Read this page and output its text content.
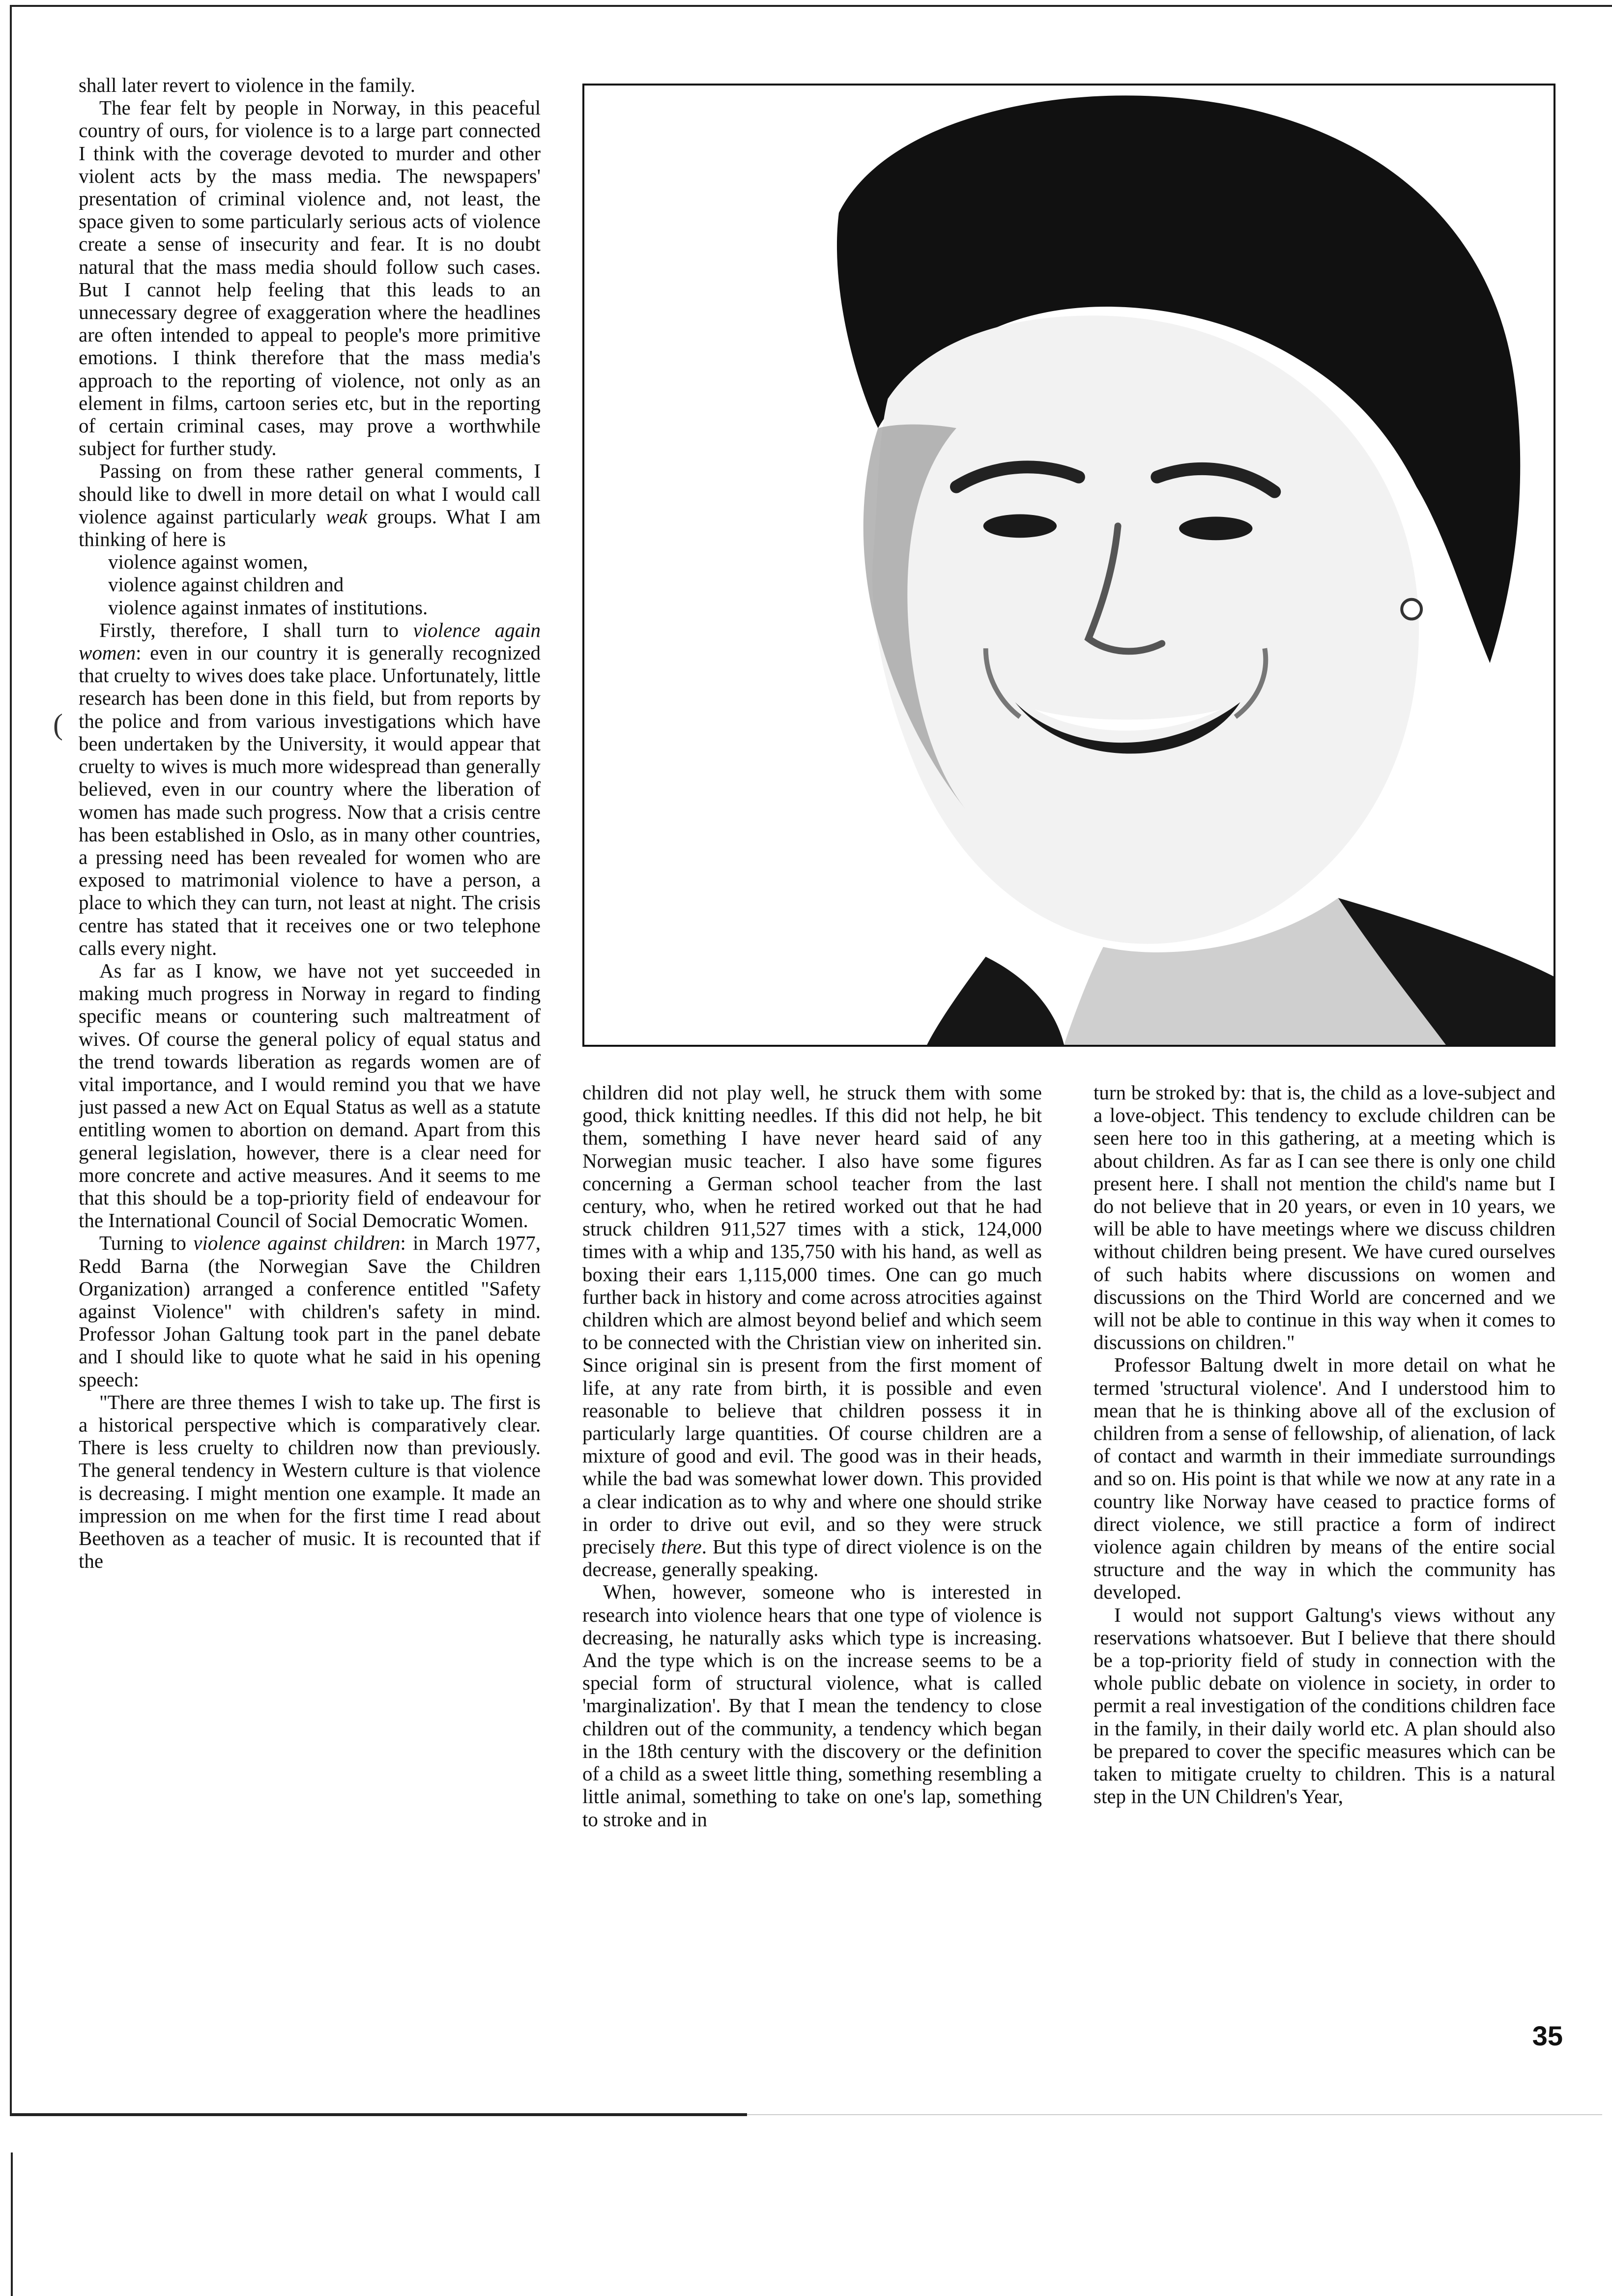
(

shall later revert to violence in the family.

The fear felt by people in Norway, in this peaceful country of ours, for violence is to a large part connected I think with the coverage devoted to murder and other violent acts by the mass media. The newspapers' presentation of criminal violence and, not least, the space given to some particularly serious acts of violence create a sense of insecurity and fear. It is no doubt natural that the mass media should follow such cases. But I cannot help feeling that this leads to an unnecessary degree of exaggeration where the headlines are often intended to appeal to people's more primitive emotions. I think therefore that the mass media's approach to the reporting of violence, not only as an element in films, cartoon series etc, but in the reporting of certain criminal cases, may prove a worthwhile subject for further study.

Passing on from these rather general comments, I should like to dwell in more detail on what I would call violence against particularly weak groups. What I am thinking of here is

violence against women,

violence against children and

violence against inmates of institutions.

Firstly, therefore, I shall turn to violence again women: even in our country it is generally recognized that cruelty to wives does take place. Unfortunately, little research has been done in this field, but from reports by the police and from various investigations which have been undertaken by the University, it would appear that cruelty to wives is much more widespread than generally believed, even in our country where the liberation of women has made such progress. Now that a crisis centre has been established in Oslo, as in many other countries, a pressing need has been revealed for women who are exposed to matrimonial violence to have a person, a place to which they can turn, not least at night. The crisis centre has stated that it receives one or two telephone calls every night.

As far as I know, we have not yet succeeded in making much progress in Norway in regard to finding specific means or countering such maltreatment of wives. Of course the general policy of equal status and the trend towards liberation as regards women are of vital importance, and I would remind you that we have just passed a new Act on Equal Status as well as a statute entitling women to abortion on demand. Apart from this general legislation, however, there is a clear need for more concrete and active measures. And it seems to me that this should be a top-priority field of endeavour for the International Council of Social Democratic Women.

Turning to violence against children: in March 1977, Redd Barna (the Norwegian Save the Children Organization) arranged a conference entitled "Safety against Violence" with children's safety in mind. Professor Johan Galtung took part in the panel debate and I should like to quote what he said in his opening speech:

"There are three themes I wish to take up. The first is a historical perspective which is comparatively clear. There is less cruelty to children now than previously. The general tendency in Western culture is that violence is decreasing. I might mention one example. It made an impression on me when for the first time I read about Beethoven as a teacher of music. It is recounted that if the

children did not play well, he struck them with some good, thick knitting needles. If this did not help, he bit them, something I have never heard said of any Norwegian music teacher. I also have some figures concerning a German school teacher from the last century, who, when he retired worked out that he had struck children 911,527 times with a stick, 124,000 times with a whip and 135,750 with his hand, as well as boxing their ears 1,115,000 times. One can go much further back in history and come across atrocities against children which are almost beyond belief and which seem to be connected with the Christian view on inherited sin. Since original sin is present from the first moment of life, at any rate from birth, it is possible and even reasonable to believe that children possess it in particularly large quantities. Of course children are a mixture of good and evil. The good was in their heads, while the bad was somewhat lower down. This provided a clear indication as to why and where one should strike in order to drive out evil, and so they were struck precisely there. But this type of direct violence is on the decrease, generally speaking.

When, however, someone who is interested in research into violence hears that one type of violence is decreasing, he naturally asks which type is increasing. And the type which is on the increase seems to be a special form of structural violence, what is called 'marginalization'. By that I mean the tendency to close children out of the community, a tendency which began in the 18th century with the discovery or the definition of a child as a sweet little thing, something resembling a little animal, something to take on one's lap, something to stroke and in

turn be stroked by: that is, the child as a love-subject and a love-object. This tendency to exclude children can be seen here too in this gathering, at a meeting which is about children. As far as I can see there is only one child present here. I shall not mention the child's name but I do not believe that in 20 years, or even in 10 years, we will be able to have meetings where we discuss children without children being present. We have cured ourselves of such habits where discussions on women and discussions on the Third World are concerned and we will not be able to continue in this way when it comes to discussions on children."

Professor Baltung dwelt in more detail on what he termed 'structural violence'. And I understood him to mean that he is thinking above all of the exclusion of children from a sense of fellowship, of alienation, of lack of contact and warmth in their immediate surroundings and so on. His point is that while we now at any rate in a country like Norway have ceased to practice forms of direct violence, we still practice a form of indirect violence again children by means of the entire social structure and the way in which the community has developed.

I would not support Galtung's views without any reservations whatsoever. But I believe that there should be a top-priority field of study in connection with the whole public debate on violence in society, in order to permit a real investigation of the conditions children face in the family, in their daily world etc. A plan should also be prepared to cover the specific measures which can be taken to mitigate cruelty to children. This is a natural step in the UN Children's Year,

35
